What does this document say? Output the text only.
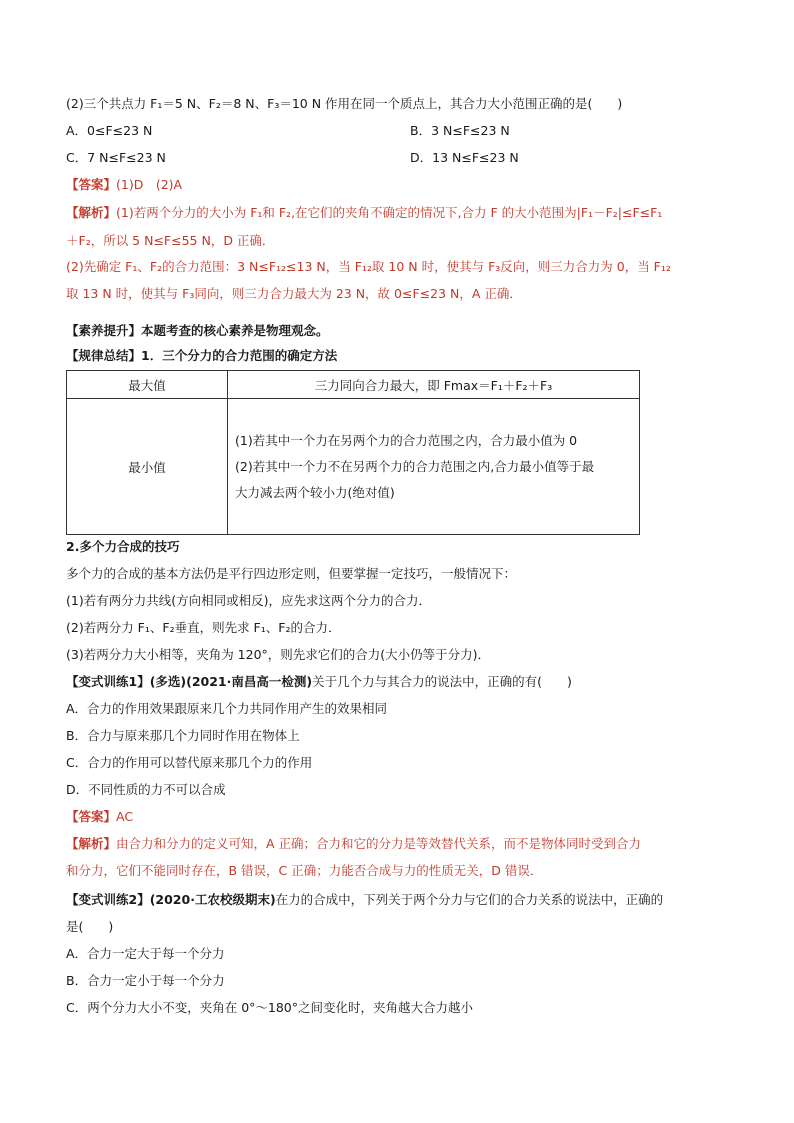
(2)三个共点力 F₁＝5 N、F₂＝8 N、F₃＝10 N 作用在同一个质点上，其合力大小范围正确的是(　　)
A．0≤F≤23 N	B．3 N≤F≤23 N
C．7 N≤F≤23 N	D．13 N≤F≤23 N
【答案】(1)D　(2)A
【解析】(1)若两个分力的大小为 F₁和 F₂,在它们的夹角不确定的情况下,合力 F 的大小范围为|F₁－F₂|≤F≤F₁
＋F₂，所以 5 N≤F≤55 N，D 正确．
(2)先确定 F₁、F₂的合力范围：3 N≤F₁₂≤13 N，当 F₁₂取 10 N 时，使其与 F₃反向，则三力合力为 0，当 F₁₂
取 13 N 时，使其与 F₃同向，则三力合力最大为 23 N，故 0≤F≤23 N，A 正确．
【素养提升】本题考查的核心素养是物理观念。
【规律总结】1．三个分力的合力范围的确定方法
最大值	三力同向合力最大，即 Fmax＝F₁＋F₂＋F₃
最小值	(1)若其中一个力在另两个力的合力范围之内，合力最小值为 0
(2)若其中一个力不在另两个力的合力范围之内,合力最小值等于最
大力减去两个较小力(绝对值)
2.多个力合成的技巧
多个力的合成的基本方法仍是平行四边形定则，但要掌握一定技巧，一般情况下：
(1)若有两分力共线(方向相同或相反)，应先求这两个分力的合力．
(2)若两分力 F₁、F₂垂直，则先求 F₁、F₂的合力．
(3)若两分力大小相等，夹角为 120°，则先求它们的合力(大小仍等于分力)．
【变式训练1】(多选)(2021·南昌高一检测)关于几个力与其合力的说法中，正确的有(　　)
A．合力的作用效果跟原来几个力共同作用产生的效果相同
B．合力与原来那几个力同时作用在物体上
C．合力的作用可以替代原来那几个力的作用
D．不同性质的力不可以合成
【答案】AC
【解析】由合力和分力的定义可知，A 正确；合力和它的分力是等效替代关系，而不是物体同时受到合力
和分力，它们不能同时存在，B 错误，C 正确；力能否合成与力的性质无关，D 错误．
【变式训练2】(2020·工农校级期末)在力的合成中，下列关于两个分力与它们的合力关系的说法中，正确的
是(　　)
A．合力一定大于每一个分力
B．合力一定小于每一个分力
C．两个分力大小不变，夹角在 0°～180°之间变化时，夹角越大合力越小
